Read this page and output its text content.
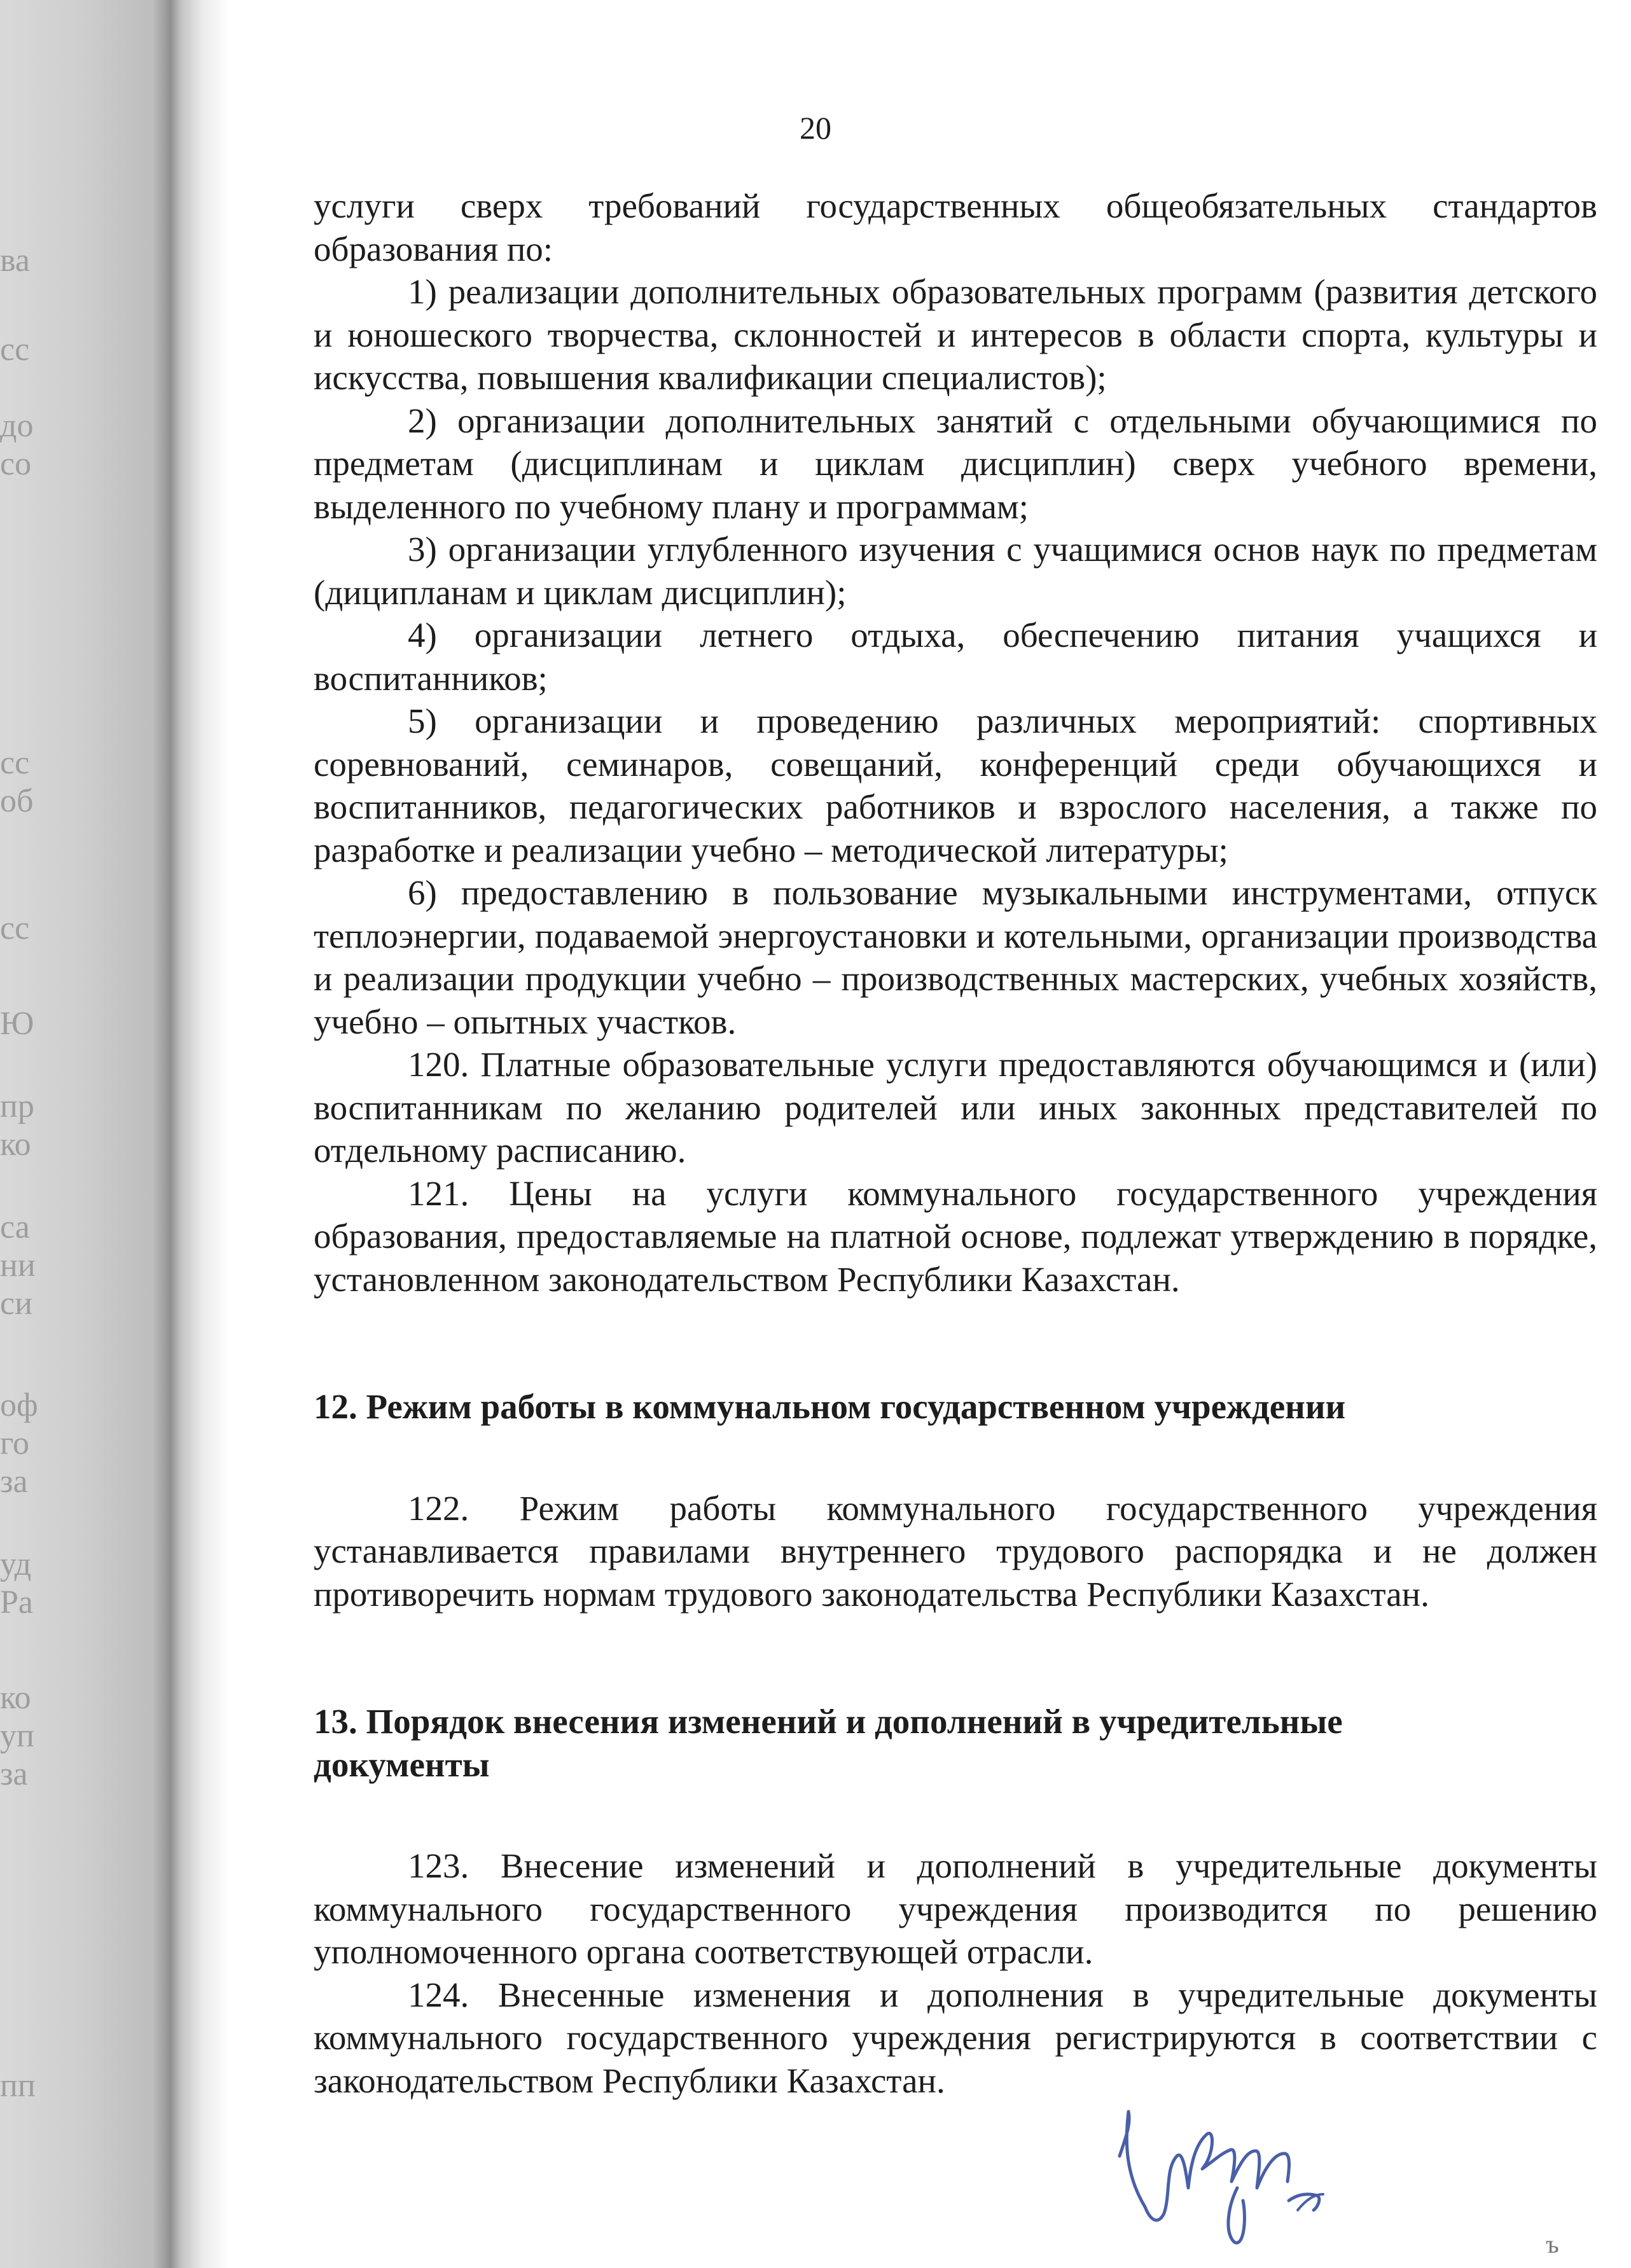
ва
сс
до
со
сс
об
сс
Ю
пр
ко
са
ни
си
оф
го
за
уд
Ра
ко
уп
за
пп
20

услуги сверх требований государственных общеобязательных стандартов образования по:

1) реализации дополнительных образовательных программ (развития детского и юношеского творчества, склонностей и интересов в области спорта, культуры и искусства, повышения квалификации специалистов);

2) организации дополнительных занятий с отдельными обучающимися по предметам (дисциплинам и циклам дисциплин) сверх учебного времени, выделенного по учебному плану и программам;

3) организации углубленного изучения с учащимися основ наук по предметам (диципланам и циклам дисциплин);

4) организации летнего отдыха, обеспечению питания учащихся и воспитанников;

5) организации и проведению различных мероприятий: спортивных соревнований, семинаров, совещаний, конференций среди обучающихся и воспитанников, педагогических работников и взрослого населения, а также по разработке и реализации учебно – методической литературы;

6) предоставлению в пользование музыкальными инструментами, отпуск теплоэнергии, подаваемой энергоустановки и котельными, организации производства и реализации продукции учебно – производственных мастерских, учебных хозяйств, учебно – опытных участков.

120. Платные образовательные услуги предоставляются обучающимся и (или) воспитанникам по желанию родителей или иных законных представителей по отдельному расписанию.

121. Цены на услуги коммунального государственного учреждения образования, предоставляемые на платной основе, подлежат утверждению в порядке, установленном законодательством Республики Казахстан.

12. Режим работы в коммунальном государственном учреждении

122. Режим работы коммунального государственного учреждения устанавливается правилами внутреннего трудового распорядка и не должен противоречить нормам трудового законодательства Республики Казахстан.

13. Порядок внесения изменений и дополнений в учредительные
документы

123. Внесение изменений и дополнений в учредительные документы коммунального государственного учреждения производится по решению уполномоченного органа соответствующей отрасли.

124. Внесенные изменения и дополнения в учредительные документы коммунального государственного учреждения регистрируются в соответствии с законодательством Республики Казахстан.

ъ
